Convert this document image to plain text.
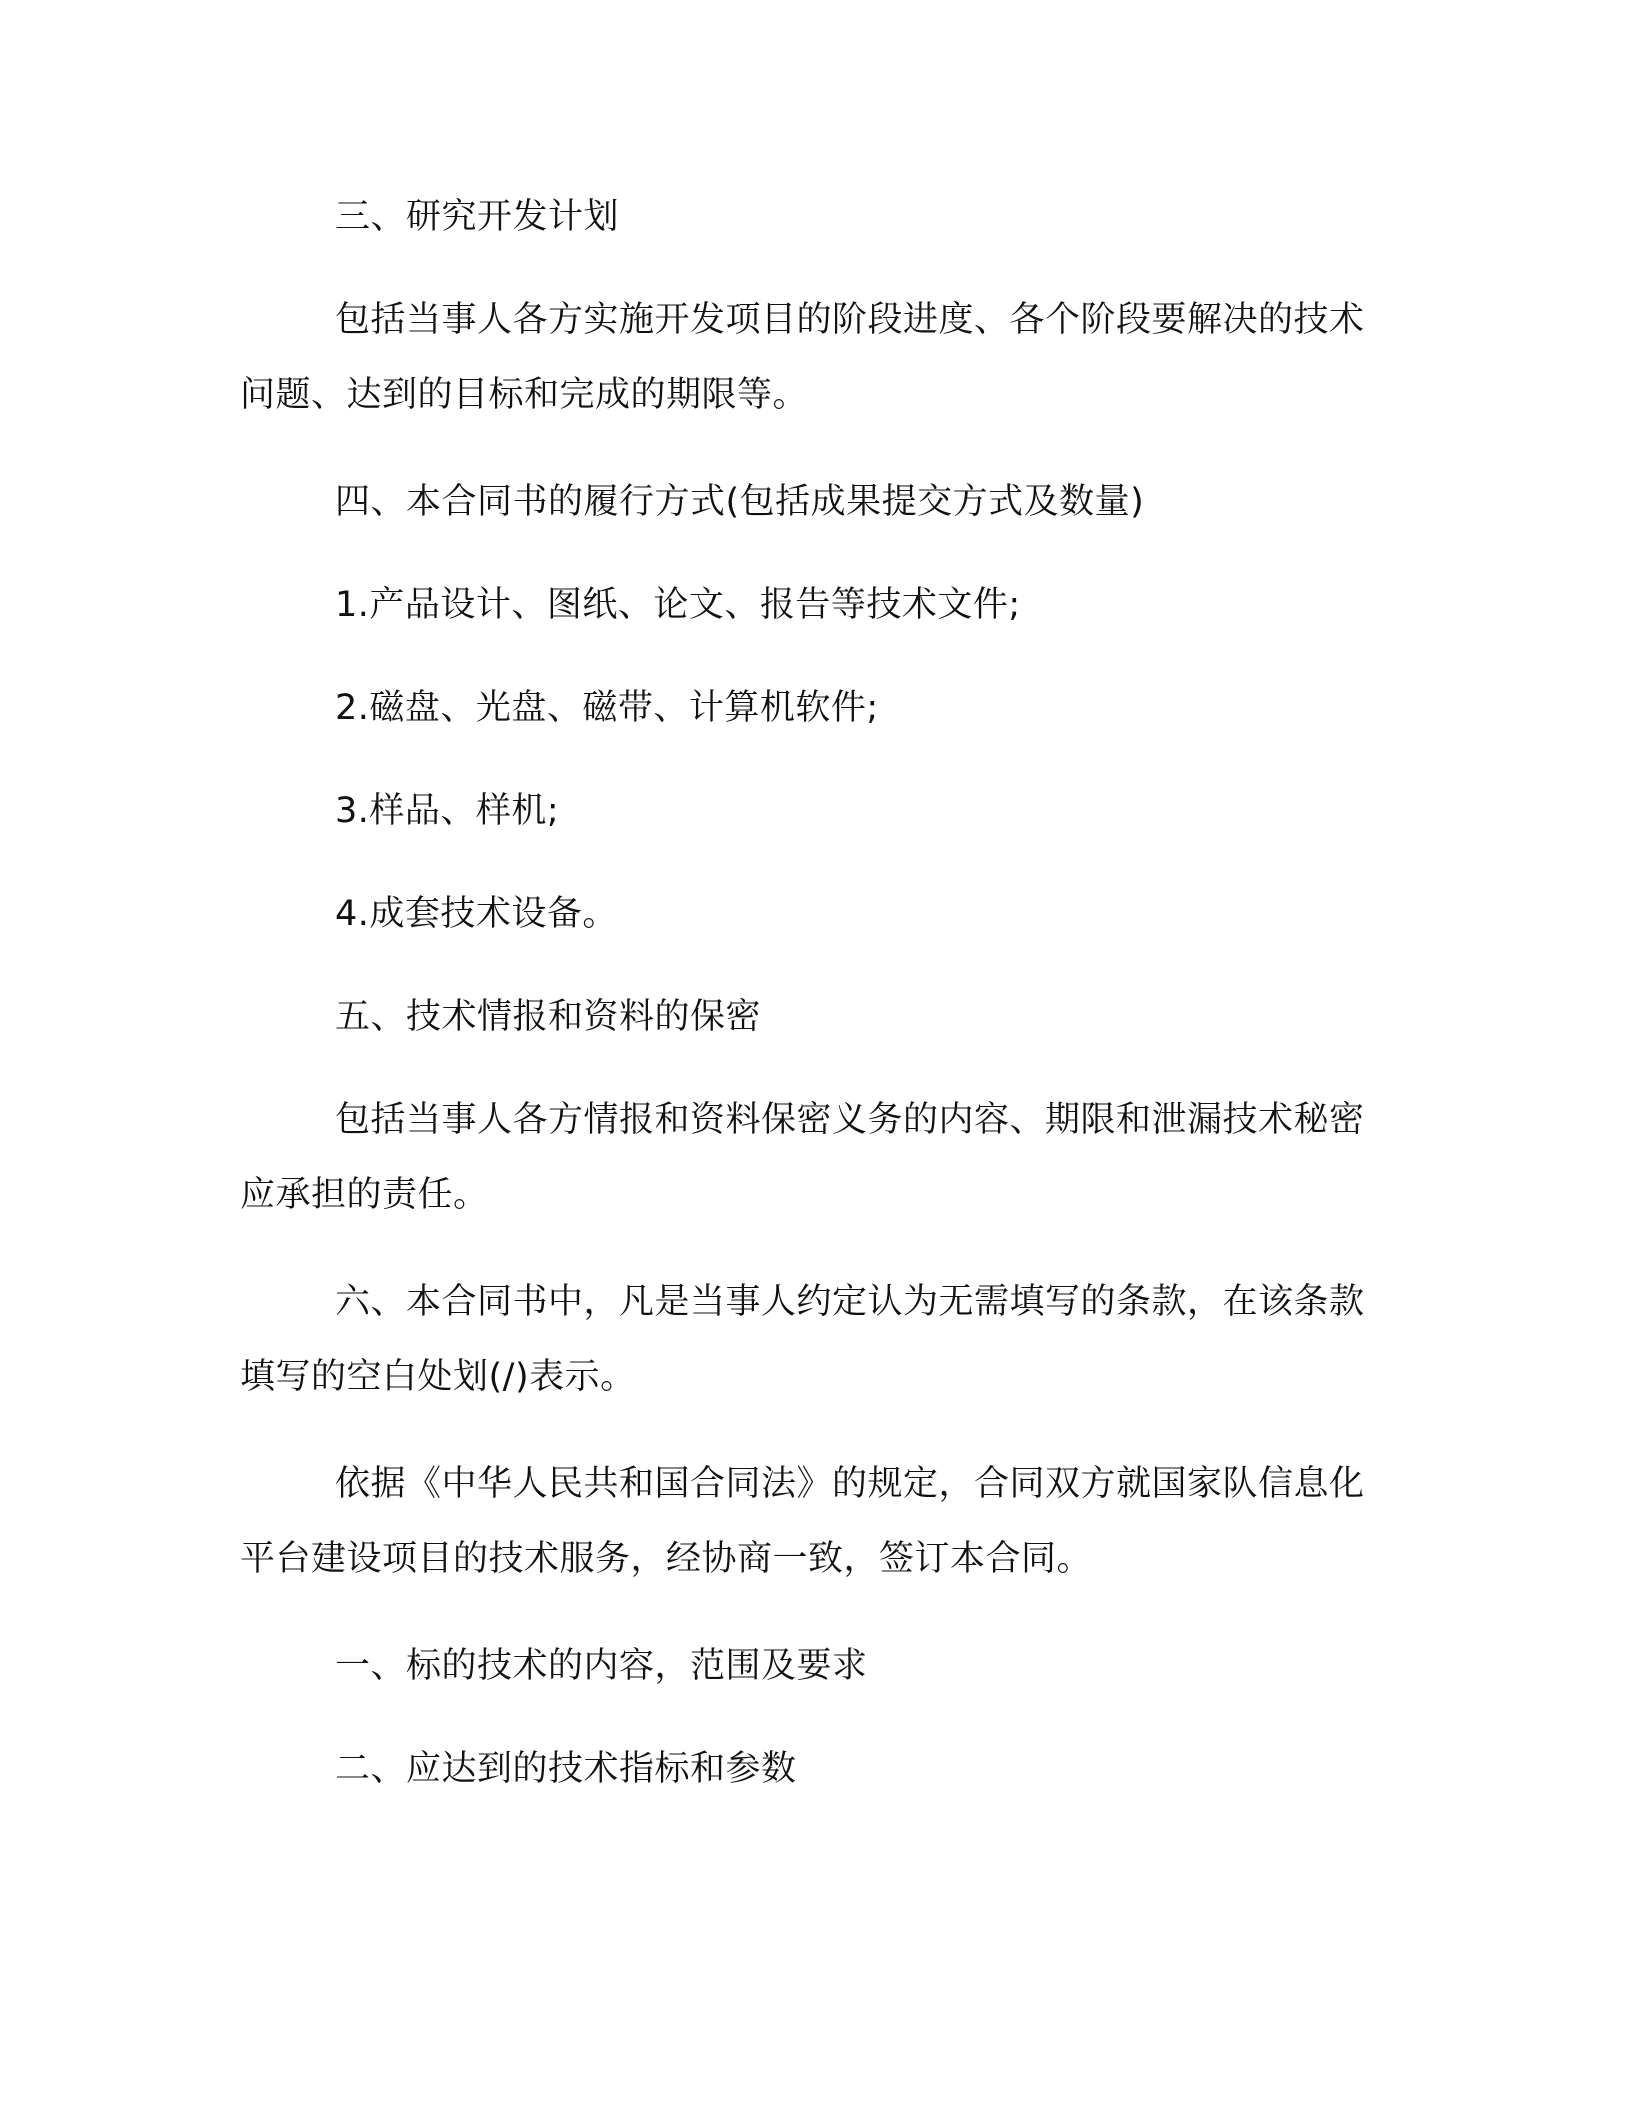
三、研究开发计划

包括当事人各方实施开发项目的阶段进度、各个阶段要解决的技术问题、达到的目标和完成的期限等。

四、本合同书的履行方式(包括成果提交方式及数量)

1.产品设计、图纸、论文、报告等技术文件;

2.磁盘、光盘、磁带、计算机软件;

3.样品、样机;

4.成套技术设备。

五、技术情报和资料的保密

包括当事人各方情报和资料保密义务的内容、期限和泄漏技术秘密应承担的责任。

六、本合同书中，凡是当事人约定认为无需填写的条款，在该条款填写的空白处划(/)表示。

依据《中华人民共和国合同法》的规定，合同双方就国家队信息化平台建设项目的技术服务，经协商一致，签订本合同。

一、标的技术的内容，范围及要求

二、应达到的技术指标和参数
